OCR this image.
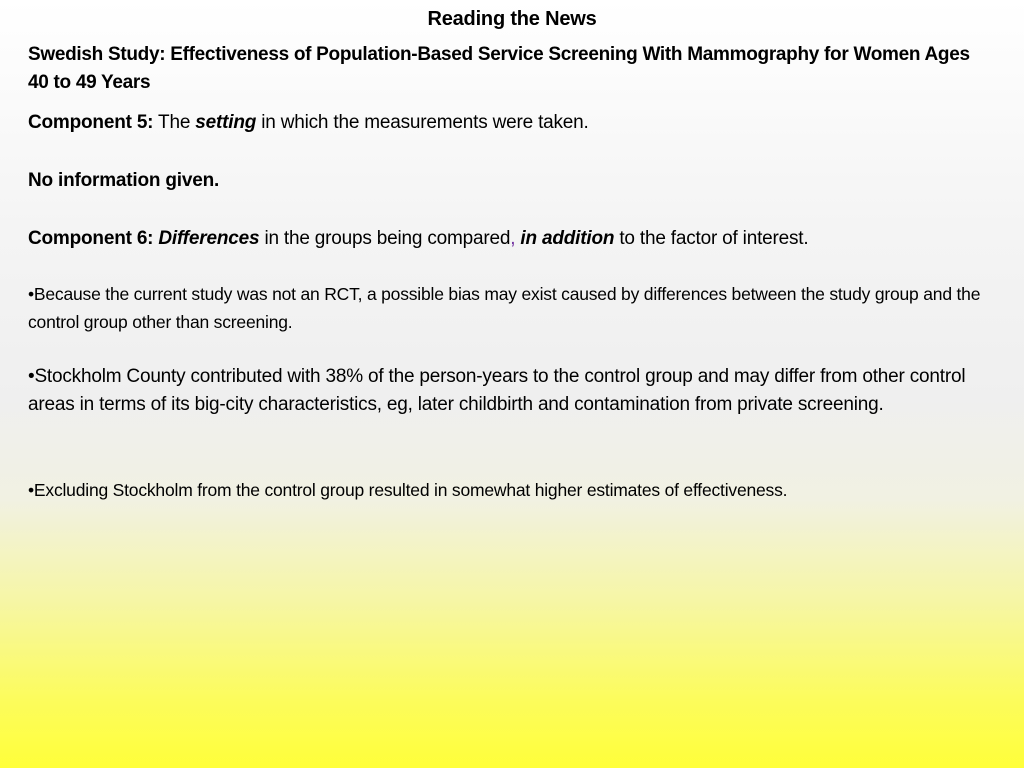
Reading the News
Swedish Study: Effectiveness of Population-Based Service Screening With Mammography for Women Ages 40 to 49 Years
Component 5: The setting in which the measurements were taken.
No information given.
Component 6: Differences in the groups being compared, in addition to the factor of interest.
•Because the current study was not an RCT, a possible bias may exist caused by differences between the study group and the control group other than screening.
•Stockholm County contributed with 38% of the person-years to the control group and may differ from other control areas in terms of its big-city characteristics, eg, later childbirth and contamination from private screening.
•Excluding Stockholm from the control group resulted in somewhat higher estimates of effectiveness.
